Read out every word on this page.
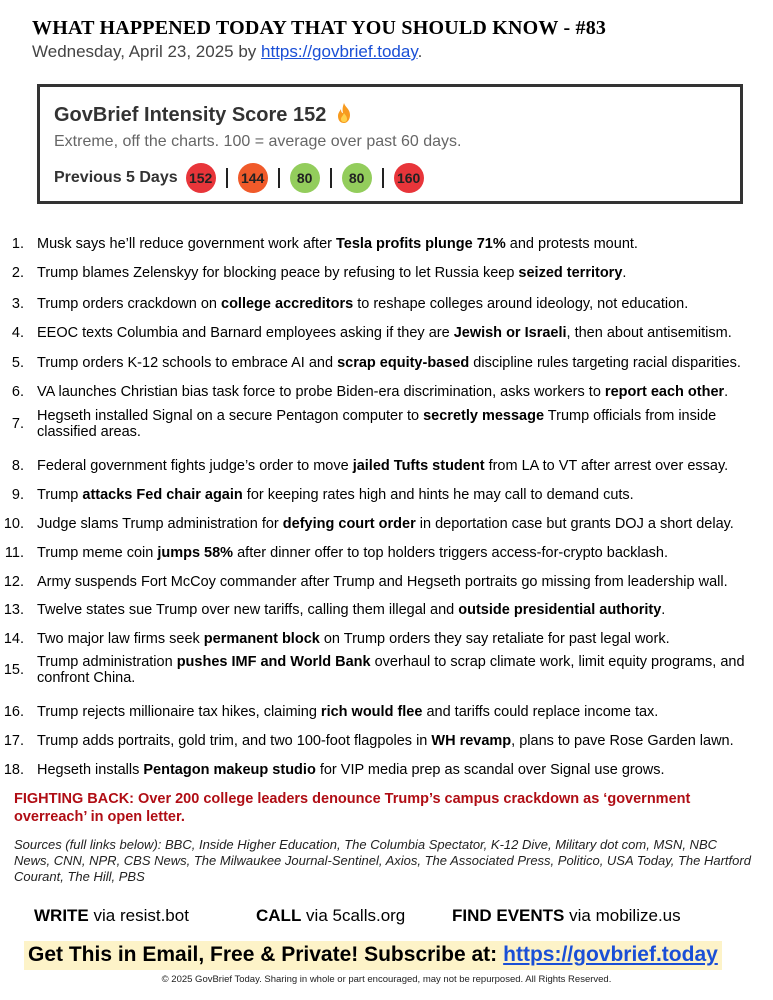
WHAT HAPPENED TODAY THAT YOU SHOULD KNOW - #83
Wednesday, April 23, 2025 by https://govbrief.today.
GovBrief Intensity Score 152
Extreme, off the charts. 100 = average over past 60 days.
Previous 5 Days 152 144	80	80	160
1. Musk says he’ll reduce government work after Tesla profits plunge 71% and protests mount.
2. Trump blames Zelenskyy for blocking peace by refusing to let Russia keep seized territory.
3. Trump orders crackdown on college accreditors to reshape colleges around ideology, not education.
4. EEOC texts Columbia and Barnard employees asking if they are Jewish or Israeli, then about antisemitism.
5. Trump orders K-12 schools to embrace AI and scrap equity-based discipline rules targeting racial disparities.
6. VA launches Christian bias task force to probe Biden-era discrimination, asks workers to report each other.
7. Hegseth installed Signal on a secure Pentagon computer to secretly message Trump officials from inside classified areas.
8. Federal government fights judge’s order to move jailed Tufts student from LA to VT after arrest over essay.
9. Trump attacks Fed chair again for keeping rates high and hints he may call to demand cuts.
10. Judge slams Trump administration for defying court order in deportation case but grants DOJ a short delay.
11. Trump meme coin jumps 58% after dinner offer to top holders triggers access-for-crypto backlash.
12. Army suspends Fort McCoy commander after Trump and Hegseth portraits go missing from leadership wall.
13. Twelve states sue Trump over new tariffs, calling them illegal and outside presidential authority.
14. Two major law firms seek permanent block on Trump orders they say retaliate for past legal work.
15. Trump administration pushes IMF and World Bank overhaul to scrap climate work, limit equity programs, and confront China.
16. Trump rejects millionaire tax hikes, claiming rich would flee and tariffs could replace income tax.
17. Trump adds portraits, gold trim, and two 100-foot flagpoles in WH revamp, plans to pave Rose Garden lawn.
18. Hegseth installs Pentagon makeup studio for VIP media prep as scandal over Signal use grows.
FIGHTING BACK: Over 200 college leaders denounce Trump’s campus crackdown as ‘government overreach’ in open letter.
Sources (full links below): BBC, Inside Higher Education, The Columbia Spectator, K-12 Dive, Military dot com, MSN, NBC News, CNN, NPR, CBS News, The Milwaukee Journal-Sentinel, Axios, The Associated Press, Politico, USA Today, The Hartford Courant, The Hill, PBS
WRITE via resist.bot	CALL via 5calls.org	FIND EVENTS via mobilize.us
Get This in Email, Free & Private! Subscribe at: https://govbrief.today
© 2025 GovBrief Today. Sharing in whole or part encouraged, may not be repurposed. All Rights Reserved.
